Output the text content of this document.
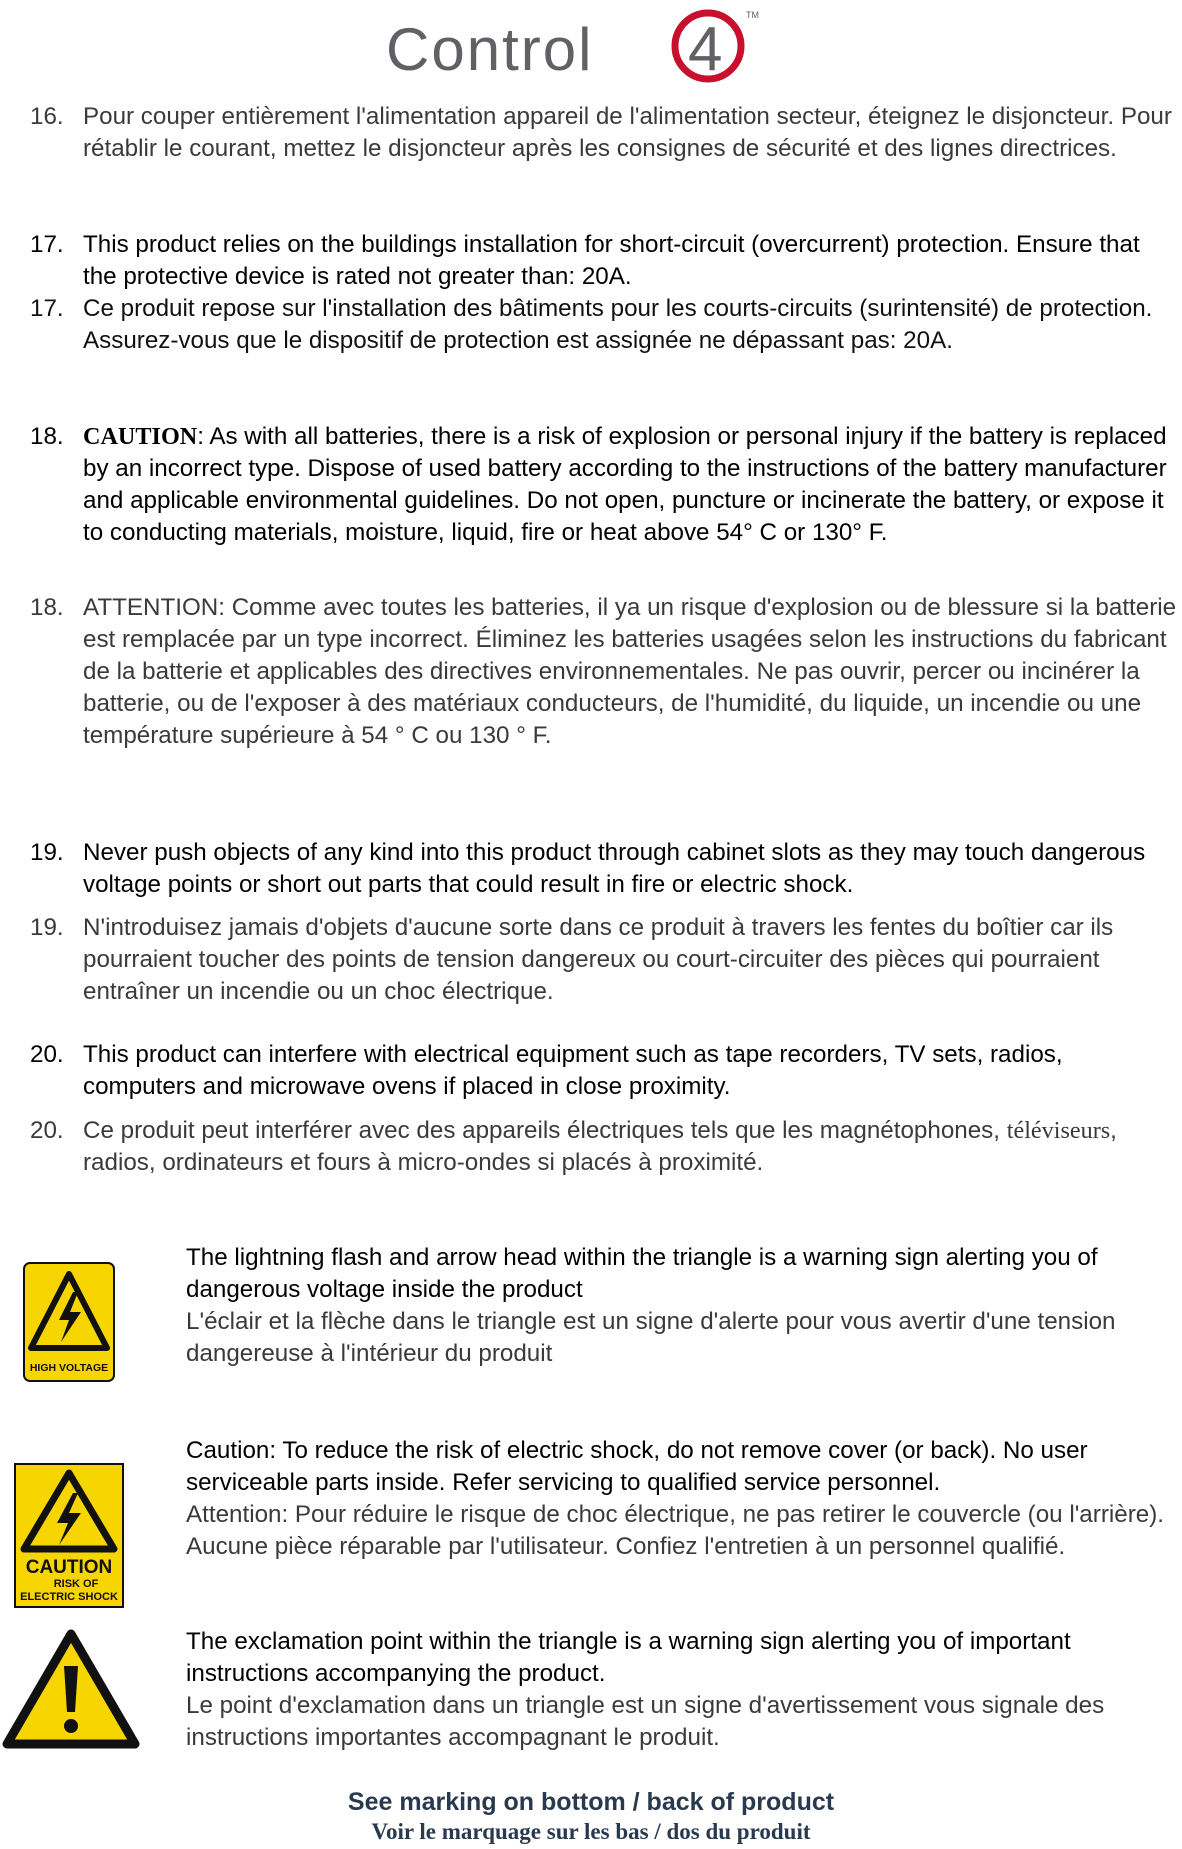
Control 4	TM
16. Pour couper entièrement l'alimentation appareil de l'alimentation secteur, éteignez le disjoncteur. Pour rétablir le courant, mettez le disjoncteur après les consignes de sécurité et des lignes directrices.
17. This product relies on the buildings installation for short-circuit (overcurrent) protection. Ensure that the protective device is rated not greater than: 20A.
17. Ce produit repose sur l'installation des bâtiments pour les courts-circuits (surintensité) de protection. Assurez-vous que le dispositif de protection est assignée ne dépassant pas: 20A.
18. CAUTION: As with all batteries, there is a risk of explosion or personal injury if the battery is replaced by an incorrect type. Dispose of used battery according to the instructions of the battery manufacturer and applicable environmental guidelines. Do not open, puncture or incinerate the battery, or expose it to conducting materials, moisture, liquid, fire or heat above 54° C or 130° F.
18. ATTENTION: Comme avec toutes les batteries, il ya un risque d'explosion ou de blessure si la batterie est remplacée par un type incorrect. Éliminez les batteries usagées selon les instructions du fabricant de la batterie et applicables des directives environnementales. Ne pas ouvrir, percer ou incinérer la batterie, ou de l'exposer à des matériaux conducteurs, de l'humidité, du liquide, un incendie ou une température supérieure à 54 ° C ou 130 ° F.
19. Never push objects of any kind into this product through cabinet slots as they may touch dangerous voltage points or short out parts that could result in fire or electric shock.
19. N'introduisez jamais d'objets d'aucune sorte dans ce produit à travers les fentes du boîtier car ils pourraient toucher des points de tension dangereux ou court-circuiter des pièces qui pourraient entraîner un incendie ou un choc électrique.
20. This product can interfere with electrical equipment such as tape recorders, TV sets, radios, computers and microwave ovens if placed in close proximity.
20. Ce produit peut interférer avec des appareils électriques tels que les magnétophones, téléviseurs, radios, ordinateurs et fours à micro-ondes si placés à proximité.
HIGH VOLTAGE
The lightning flash and arrow head within the triangle is a warning sign alerting you of dangerous voltage inside the product
L'éclair et la flèche dans le triangle est un signe d'alerte pour vous avertir d'une tension dangereuse à l'intérieur du produit
CAUTION
RISK OF
ELECTRIC SHOCK
Caution: To reduce the risk of electric shock, do not remove cover (or back). No user serviceable parts inside. Refer servicing to qualified service personnel.
Attention: Pour réduire le risque de choc électrique, ne pas retirer le couvercle (ou l'arrière). Aucune pièce réparable par l'utilisateur. Confiez l'entretien à un personnel qualifié.
The exclamation point within the triangle is a warning sign alerting you of important instructions accompanying the product.
Le point d'exclamation dans un triangle est un signe d'avertissement vous signale des instructions importantes accompagnant le produit.
See marking on bottom / back of product
Voir le marquage sur les bas / dos du produit
